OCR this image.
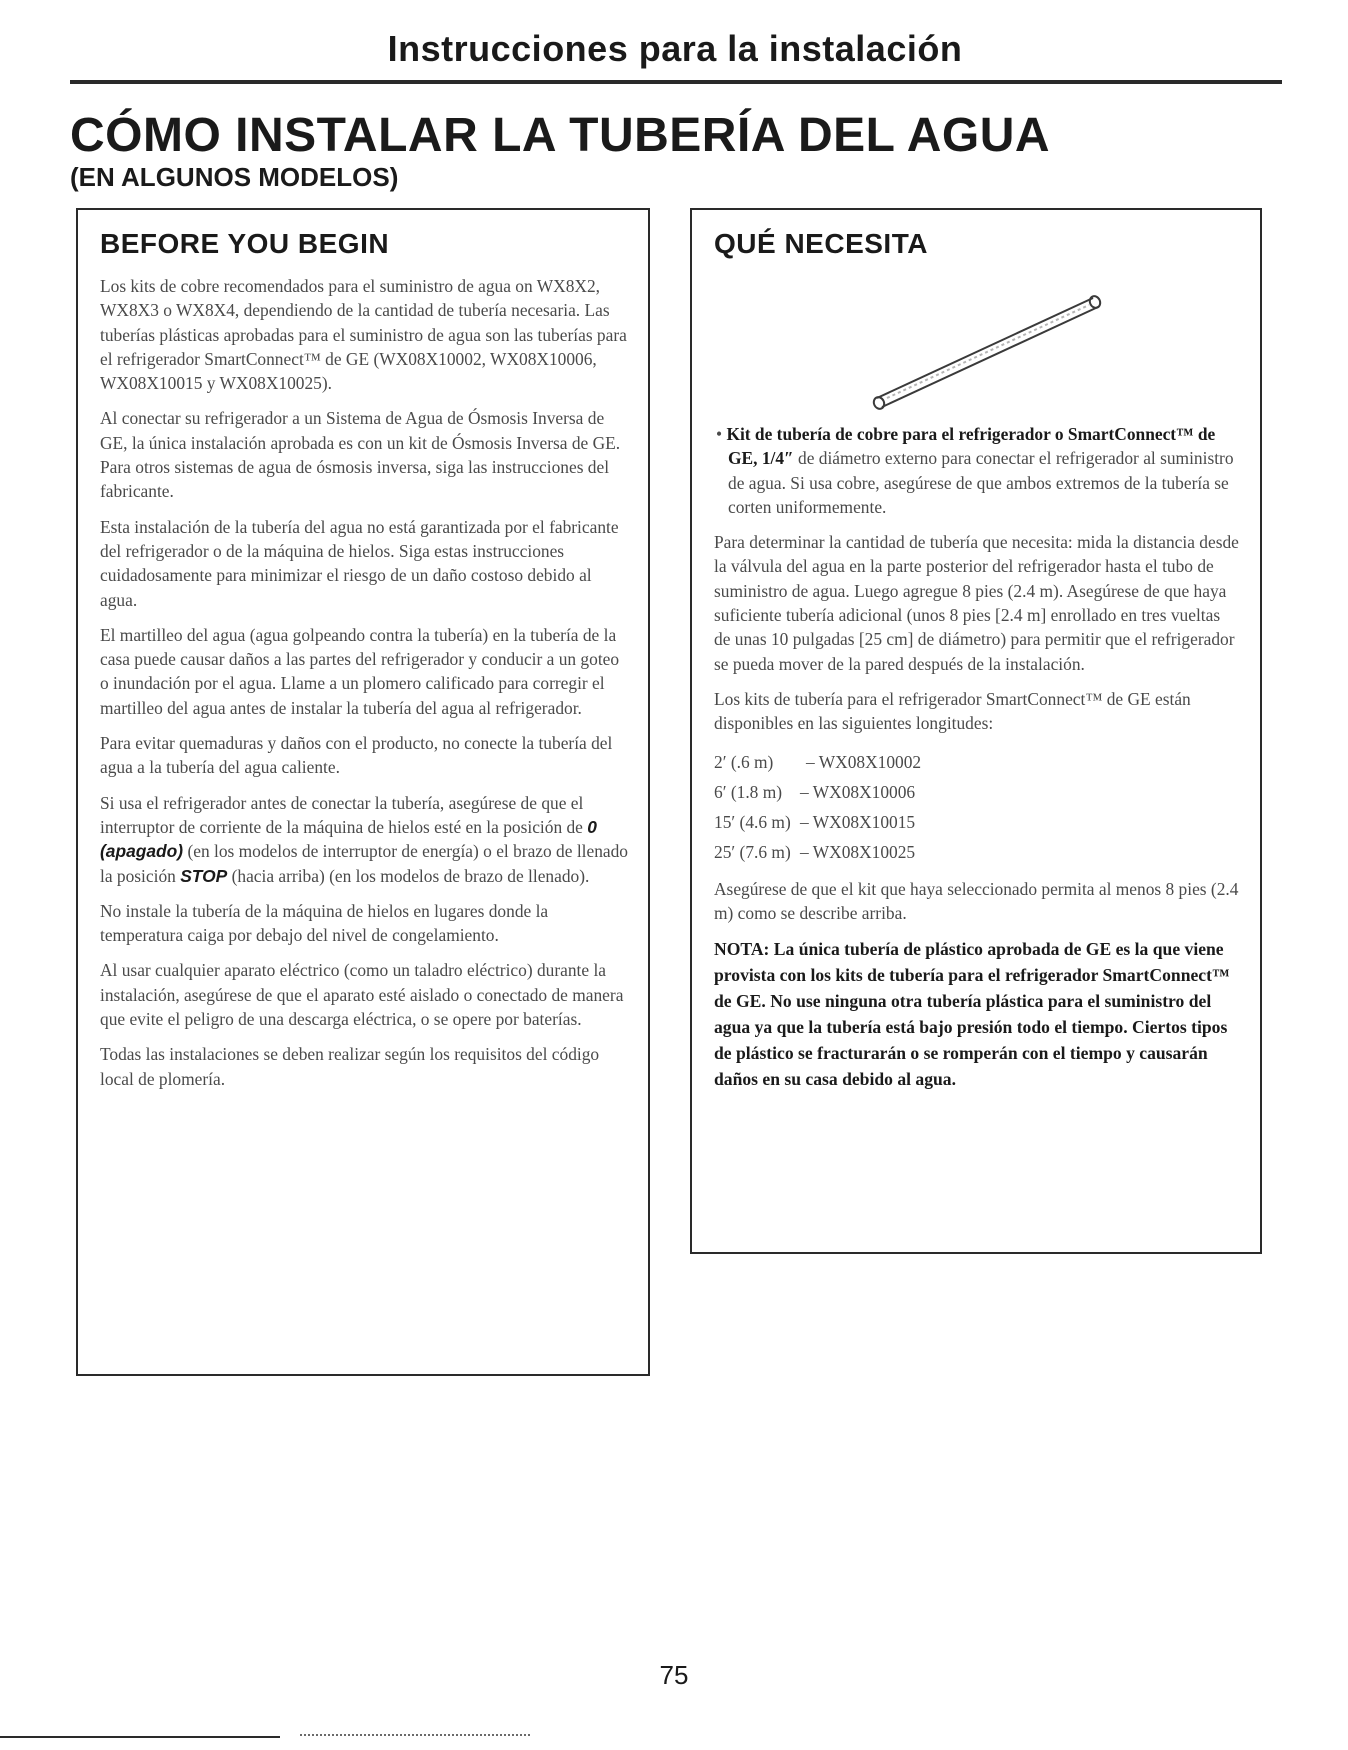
Instrucciones para la instalación
CÓMO INSTALAR LA TUBERÍA DEL AGUA
(EN ALGUNOS MODELOS)
BEFORE YOU BEGIN

Los kits de cobre recomendados para el suministro de agua on WX8X2, WX8X3 o WX8X4, dependiendo de la cantidad de tubería necesaria. Las tuberías plásticas aprobadas para el suministro de agua son las tuberías para el refrigerador SmartConnect™ de GE (WX08X10002, WX08X10006, WX08X10015 y WX08X10025).

Al conectar su refrigerador a un Sistema de Agua de Ósmosis Inversa de GE, la única instalación aprobada es con un kit de Ósmosis Inversa de GE. Para otros sistemas de agua de ósmosis inversa, siga las instrucciones del fabricante.

Esta instalación de la tubería del agua no está garantizada por el fabricante del refrigerador o de la máquina de hielos. Siga estas instrucciones cuidadosamente para minimizar el riesgo de un daño costoso debido al agua.

El martilleo del agua (agua golpeando contra la tubería) en la tubería de la casa puede causar daños a las partes del refrigerador y conducir a un goteo o inundación por el agua. Llame a un plomero calificado para corregir el martilleo del agua antes de instalar la tubería del agua al refrigerador.

Para evitar quemaduras y daños con el producto, no conecte la tubería del agua a la tubería del agua caliente.

Si usa el refrigerador antes de conectar la tubería, asegúrese de que el interruptor de corriente de la máquina de hielos esté en la posición de 0 (apagado) (en los modelos de interruptor de energía) o el brazo de llenado la posición STOP (hacia arriba) (en los modelos de brazo de llenado).

No instale la tubería de la máquina de hielos en lugares donde la temperatura caiga por debajo del nivel de congelamiento.

Al usar cualquier aparato eléctrico (como un taladro eléctrico) durante la instalación, asegúrese de que el aparato esté aislado o conectado de manera que evite el peligro de una descarga eléctrica, o se opere por baterías.

Todas las instalaciones se deben realizar según los requisitos del código local de plomería.

QUÉ NECESITA

• Kit de tubería de cobre para el refrigerador o SmartConnect™ de GE, 1/4″ de diámetro externo para conectar el refrigerador al suministro de agua. Si usa cobre, asegúrese de que ambos extremos de la tubería se corten uniformemente.

Para determinar la cantidad de tubería que necesita: mida la distancia desde la válvula del agua en la parte posterior del refrigerador hasta el tubo de suministro de agua. Luego agregue 8 pies (2.4 m). Asegúrese de que haya suficiente tubería adicional (unos 8 pies [2.4 m] enrollado en tres vueltas de unas 10 pulgadas [25 cm] de diámetro) para permitir que el refrigerador se pueda mover de la pared después de la instalación.

Los kits de tubería para el refrigerador SmartConnect™ de GE están disponibles en las siguientes longitudes:

2′ (.6 m)	– WX08X10002
6′ (1.8 m)	– WX08X10006
15′ (4.6 m) – WX08X10015
25′ (7.6 m) – WX08X10025

Asegúrese de que el kit que haya seleccionado permita al menos 8 pies (2.4 m) como se describe arriba.

NOTA: La única tubería de plástico aprobada de GE es la que viene provista con los kits de tubería para el refrigerador SmartConnect™ de GE. No use ninguna otra tubería plástica para el suministro del agua ya que la tubería está bajo presión todo el tiempo. Ciertos tipos de plástico se fracturarán o se romperán con el tiempo y causarán daños en su casa debido al agua.

75
